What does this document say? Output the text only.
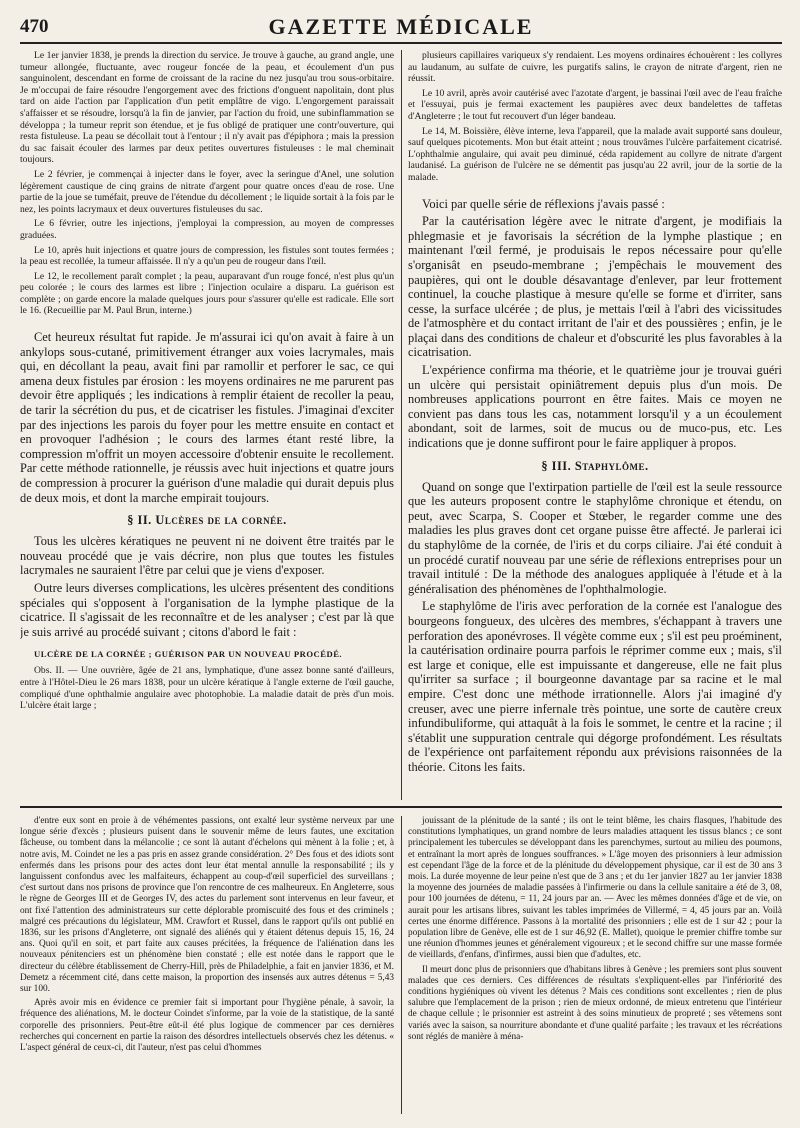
470	GAZETTE MÉDICALE

Le 1er janvier 1838, je prends la direction du service. Je trouve à gauche, au grand angle, une tumeur allongée, fluctuante, avec rougeur foncée de la peau, et écoulement d'un pus sanguinolent, descendant en forme de croissant de la racine du nez jusqu'au trou sous-orbitaire. Je m'occupai de faire résoudre l'engorgement avec des frictions d'onguent napolitain, dont plus tard on aide l'action par l'application d'un petit emplâtre de vigo. L'engorgement paraissait s'affaisser et se résoudre, lorsqu'à la fin de janvier, par l'action du froid, une subinflammation se développa ; la tumeur reprit son étendue, et je fus obligé de pratiquer une contr'ouverture, qui resta fistuleuse. La peau se décollait tout à l'entour ; il n'y avait pas d'épiphora ; mais la pression du sac faisait écouler des larmes par deux petites ouvertures fistuleuses : le mal cheminait toujours.

Le 2 février, je commençai à injecter dans le foyer, avec la seringue d'Anel, une solution légèrement caustique de cinq grains de nitrate d'argent pour quatre onces d'eau de rose. Une partie de la joue se tuméfait, preuve de l'étendue du décollement ; le liquide sortait à la fois par le nez, les points lacrymaux et deux ouvertures fistuleuses du sac.

Le 6 février, outre les injections, j'employai la compression, au moyen de compresses graduées.

Le 10, après huit injections et quatre jours de compression, les fistules sont toutes fermées ; la peau est recollée, la tumeur affaissée. Il n'y a qu'un peu de rougeur dans l'œil.

Le 12, le recollement paraît complet ; la peau, auparavant d'un rouge foncé, n'est plus qu'un peu colorée ; le cours des larmes est libre ; l'injection oculaire a disparu. La guérison est complète ; on garde encore la malade quelques jours pour s'assurer qu'elle est radicale. Elle sort le 16. (Recueillie par M. Paul Brun, interne.)

Cet heureux résultat fut rapide. Je m'assurai ici qu'on avait à faire à un ankylops sous-cutané, primitivement étranger aux voies lacrymales, mais qui, en décollant la peau, avait fini par ramollir et perforer le sac, ce qui amena deux fistules par érosion : les moyens ordinaires ne me parurent pas devoir être appliqués ; les indications à remplir étaient de recoller la peau, de tarir la sécrétion du pus, et de cicatriser les fistules. J'imaginai d'exciter par des injections les parois du foyer pour les mettre ensuite en contact et en provoquer l'adhésion ; le cours des larmes étant resté libre, la compression m'offrit un moyen accessoire d'obtenir ensuite le recollement. Par cette méthode rationnelle, je réussis avec huit injections et quatre jours de compression à procurer la guérison d'une maladie qui durait depuis plus de deux mois, et dont la marche empirait toujours.

§ II. Ulcères de la cornée.

Tous les ulcères kératiques ne peuvent ni ne doivent être traités par le nouveau procédé que je vais décrire, non plus que toutes les fistules lacrymales ne sauraient l'être par celui que je viens d'exposer.

Outre leurs diverses complications, les ulcères présentent des conditions spéciales qui s'opposent à l'organisation de la lymphe plastique de la cicatrice. Il s'agissait de les reconnaître et de les analyser ; c'est par là que je suis arrivé au procédé suivant ; citons d'abord le fait :

ULCÈRE DE LA CORNÉE ; GUÉRISON PAR UN NOUVEAU PROCÉDÉ.

Obs. II. — Une ouvrière, âgée de 21 ans, lymphatique, d'une assez bonne santé d'ailleurs, entre à l'Hôtel-Dieu le 26 mars 1838, pour un ulcère kératique à l'angle externe de l'œil gauche, compliqué d'une ophthalmie angulaire avec photophobie. La maladie datait de près d'un mois. L'ulcère était large ;

plusieurs capillaires variqueux s'y rendaient. Les moyens ordinaires échouèrent : les collyres au laudanum, au sulfate de cuivre, les purgatifs salins, le crayon de nitrate d'argent, rien ne réussit.

Le 10 avril, après avoir cautérisé avec l'azotate d'argent, je bassinai l'œil avec de l'eau fraîche et l'essuyai, puis je fermai exactement les paupières avec deux bandelettes de taffetas d'Angleterre ; le tout fut recouvert d'un léger bandeau.

Le 14, M. Boissière, élève interne, leva l'appareil, que la malade avait supporté sans douleur, sauf quelques picotements. Mon but était atteint ; nous trouvâmes l'ulcère parfaitement cicatrisé. L'ophthalmie angulaire, qui avait peu diminué, céda rapidement au collyre de nitrate d'argent laudanisé. La guérison de l'ulcère ne se démentit pas jusqu'au 22 avril, jour de la sortie de la malade.

Voici par quelle série de réflexions j'avais passé :

Par la cautérisation légère avec le nitrate d'argent, je modifiais la phlegmasie et je favorisais la sécrétion de la lymphe plastique ; en maintenant l'œil fermé, je produisais le repos nécessaire pour qu'elle s'organisât en pseudo-membrane ; j'empêchais le mouvement des paupières, qui ont le double désavantage d'enlever, par leur frottement continuel, la couche plastique à mesure qu'elle se forme et d'irriter, sans cesse, la surface ulcérée ; de plus, je mettais l'œil à l'abri des vicissitudes de l'atmosphère et du contact irritant de l'air et des poussières ; enfin, je le plaçai dans des conditions de chaleur et d'obscurité les plus favorables à la cicatrisation.

L'expérience confirma ma théorie, et le quatrième jour je trouvai guéri un ulcère qui persistait opiniâtrement depuis plus d'un mois. De nombreuses applications pourront en être faites. Mais ce moyen ne convient pas dans tous les cas, notamment lorsqu'il y a un écoulement abondant, soit de larmes, soit de mucus ou de muco-pus, etc. Les indications que je donne suffiront pour le faire appliquer à propos.

§ III. Staphylôme.

Quand on songe que l'extirpation partielle de l'œil est la seule ressource que les auteurs proposent contre le staphylôme chronique et étendu, on peut, avec Scarpa, S. Cooper et Stœber, le regarder comme une des maladies les plus graves dont cet organe puisse être affecté. Je parlerai ici du staphylôme de la cornée, de l'iris et du corps ciliaire. J'ai été conduit à un procédé curatif nouveau par une série de réflexions entreprises pour un travail intitulé : De la méthode des analogues appliquée à l'étude et à la généralisation des phénomènes de l'ophthalmologie.

Le staphylôme de l'iris avec perforation de la cornée est l'analogue des bourgeons fongueux, des ulcères des membres, s'échappant à travers une perforation des aponévroses. Il végète comme eux ; s'il est peu proéminent, la cautérisation ordinaire pourra parfois le réprimer comme eux ; mais, s'il est large et conique, elle est impuissante et dangereuse, elle ne fait plus qu'irriter sa surface ; il bourgeonne davantage par sa racine et le mal empire. C'est donc une méthode irrationnelle. Alors j'ai imaginé d'y creuser, avec une pierre infernale très pointue, une sorte de cautère creux infundibuliforme, qui attaquât à la fois le sommet, le centre et la racine ; il s'établit une suppuration centrale qui dégorge profondément. Les résultats de l'expérience ont parfaitement répondu aux prévisions raisonnées de la théorie. Citons les faits.

d'entre eux sont en proie à de véhémentes passions, ont exalté leur système nerveux par une longue série d'excès ; plusieurs puisent dans le souvenir même de leurs fautes, une excitation fâcheuse, ou tombent dans la mélancolie ; ce sont là autant d'échelons qui mènent à la folie ; et, à notre avis, M. Coindet ne les a pas pris en assez grande considération. 2° Des fous et des idiots sont enfermés dans les prisons pour des actes dont leur état mental annulle la responsabilité ; ils y languissent confondus avec les malfaiteurs, échappent au coup-d'œil superficiel des surveillans ; c'est surtout dans nos prisons de province que l'on rencontre de ces malheureux. En Angleterre, sous le règne de Georges III et de Georges IV, des actes du parlement sont intervenus en leur faveur, et ont fixé l'attention des administrateurs sur cette déplorable promiscuité des fous et des criminels ; malgré ces précautions du législateur, MM. Crawfort et Russel, dans le rapport qu'ils ont publié en 1836, sur les prisons d'Angleterre, ont signalé des aliénés qui y étaient détenus depuis 15, 16, 24 ans. Quoi qu'il en soit, et part faite aux causes précitées, la fréquence de l'aliénation dans les nouveaux pénitenciers est un phénomène bien constaté ; elle est notée dans le rapport que le directeur du célèbre établissement de Cherry-Hill, près de Philadelphie, a fait en janvier 1836, et M. Demetz a récemment cité, dans cette maison, la proportion des insensés aux autres détenus = 5,43 sur 100.

Après avoir mis en évidence ce premier fait si important pour l'hygiène pénale, à savoir, la fréquence des aliénations, M. le docteur Coindet s'informe, par la voie de la statistique, de la santé corporelle des prisonniers. Peut-être eût-il été plus logique de commencer par ces dernières recherches qui concernent en partie la raison des désordres intellectuels observés chez les détenus. « L'aspect général de ceux-ci, dit l'auteur, n'est pas celui d'hommes

jouissant de la plénitude de la santé ; ils ont le teint blême, les chairs flasques, l'habitude des constitutions lymphatiques, un grand nombre de leurs maladies attaquent les tissus blancs ; ce sont principalement les tubercules se développant dans les parenchymes, surtout au milieu des poumons, et entraînant la mort après de longues souffrances. » L'âge moyen des prisonniers à leur admission est cependant l'âge de la force et de la plénitude du développement physique, car il est de 30 ans 3 mois. La durée moyenne de leur peine n'est que de 3 ans ; et du 1er janvier 1827 au 1er janvier 1838 la moyenne des journées de maladie passées à l'infirmerie ou dans la cellule sanitaire a été de 3, 08, pour 100 journées de détenu, = 11, 24 jours par an. — Avec les mêmes données d'âge et de vie, on aurait pour les artisans libres, suivant les tables imprimées de Villermé, = 4, 45 jours par an. Voilà certes une énorme différence. Passons à la mortalité des prisonniers ; elle est de 1 sur 42 ; pour la population libre de Genève, elle est de 1 sur 46,92 (E. Mallet), quoique le premier chiffre tombe sur une réunion d'hommes jeunes et généralement vigoureux ; et le second chiffre sur une masse formée de vieillards, d'enfans, d'infirmes, aussi bien que d'adultes, etc.

Il meurt donc plus de prisonniers que d'habitans libres à Genève ; les premiers sont plus souvent malades que ces derniers. Ces différences de résultats s'expliquent-elles par l'infériorité des conditions hygiéniques où vivent les détenus ? Mais ces conditions sont excellentes ; rien de plus salubre que l'emplacement de la prison ; rien de mieux ordonné, de mieux entretenu que l'intérieur de chaque cellule ; le prisonnier est astreint à des soins minutieux de propreté ; ses vêtemens sont variés avec la saison, sa nourriture abondante et d'une qualité parfaite ; les travaux et les récréations sont réglés de manière à ména-
